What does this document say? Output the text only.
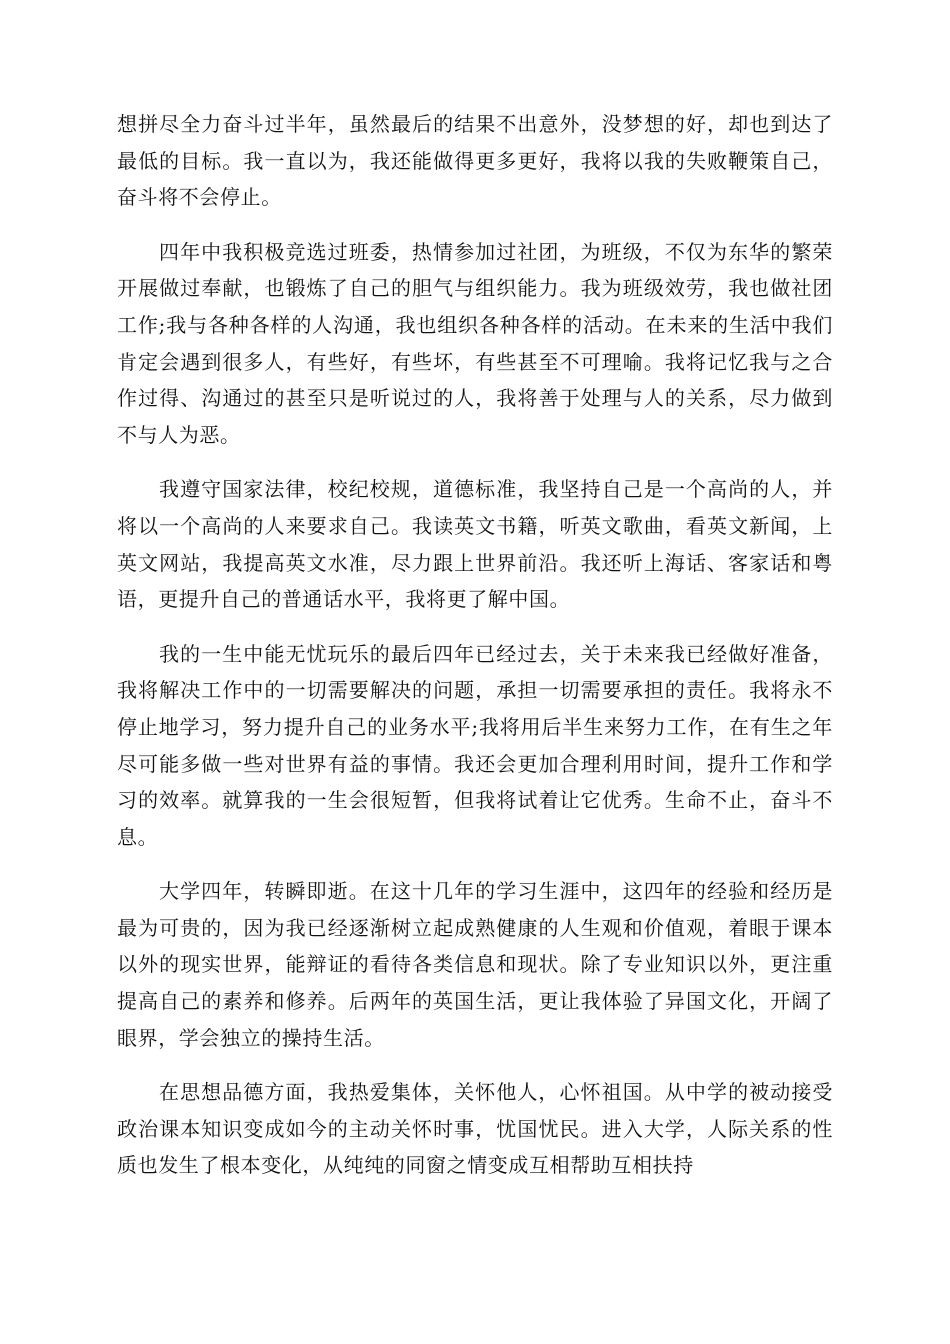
想拼尽全力奋斗过半年，虽然最后的结果不出意外，没梦想的好，却也到达了最低的目标。我一直以为，我还能做得更多更好，我将以我的失败鞭策自己，奋斗将不会停止。

四年中我积极竞选过班委，热情参加过社团，为班级，不仅为东华的繁荣开展做过奉献，也锻炼了自己的胆气与组织能力。我为班级效劳，我也做社团工作;我与各种各样的人沟通，我也组织各种各样的活动。在未来的生活中我们肯定会遇到很多人，有些好，有些坏，有些甚至不可理喻。我将记忆我与之合作过得、沟通过的甚至只是听说过的人，我将善于处理与人的关系，尽力做到不与人为恶。

我遵守国家法律，校纪校规，道德标准，我坚持自己是一个高尚的人，并将以一个高尚的人来要求自己。我读英文书籍，听英文歌曲，看英文新闻，上英文网站，我提高英文水准，尽力跟上世界前沿。我还听上海话、客家话和粤语，更提升自己的普通话水平，我将更了解中国。

我的一生中能无忧玩乐的最后四年已经过去，关于未来我已经做好准备，我将解决工作中的一切需要解决的问题，承担一切需要承担的责任。我将永不停止地学习，努力提升自己的业务水平;我将用后半生来努力工作，在有生之年尽可能多做一些对世界有益的事情。我还会更加合理利用时间，提升工作和学习的效率。就算我的一生会很短暂，但我将试着让它优秀。生命不止，奋斗不息。

大学四年，转瞬即逝。在这十几年的学习生涯中，这四年的经验和经历是最为可贵的，因为我已经逐渐树立起成熟健康的人生观和价值观，着眼于课本以外的现实世界，能辩证的看待各类信息和现状。除了专业知识以外，更注重提高自己的素养和修养。后两年的英国生活，更让我体验了异国文化，开阔了眼界，学会独立的操持生活。

在思想品德方面，我热爱集体，关怀他人，心怀祖国。从中学的被动接受政治课本知识变成如今的主动关怀时事，忧国忧民。进入大学，人际关系的性质也发生了根本变化，从纯纯的同窗之情变成互相帮助互相扶持
